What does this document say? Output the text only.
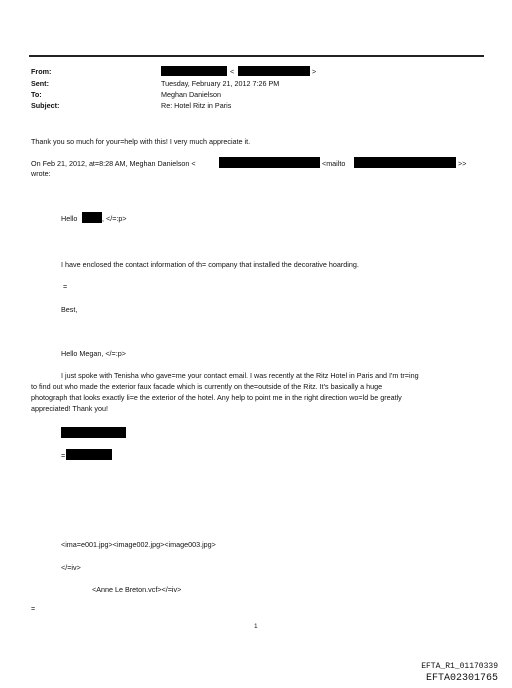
From:	<	>
Sent:	Tuesday, February 21, 2012 7:26 PM
To:	Meghan Danielson
Subject:	Re: Hotel Ritz in Paris
Thank you so much for your=help with this! I very much appreciate it.
On Feb 21, 2012, at=8:28 AM, Meghan Danielson <	<mailto	>>
wrote:
Hello	, </=:p>
I have enclosed the contact information of th= company that installed the decorative hoarding.
=
Best,
Hello Megan, </=:p>
I just spoke with Tenisha who gave=me your contact email. I was recently at the Ritz Hotel in Paris and I'm tr=ing
to find out who made the exterior faux facade which is currently on the=outside of the Ritz. It's basically a huge
photograph that looks exactly li=e the exterior of the hotel. Any help to point me in the right direction wo=ld be greatly
appreciated! Thank you!
=
<ima=e001.jpg><image002.jpg><image003.jpg>
</=iv>
<Anne Le Breton.vcf></=iv>
=
1
EFTA_R1_01170339
EFTA02301765
